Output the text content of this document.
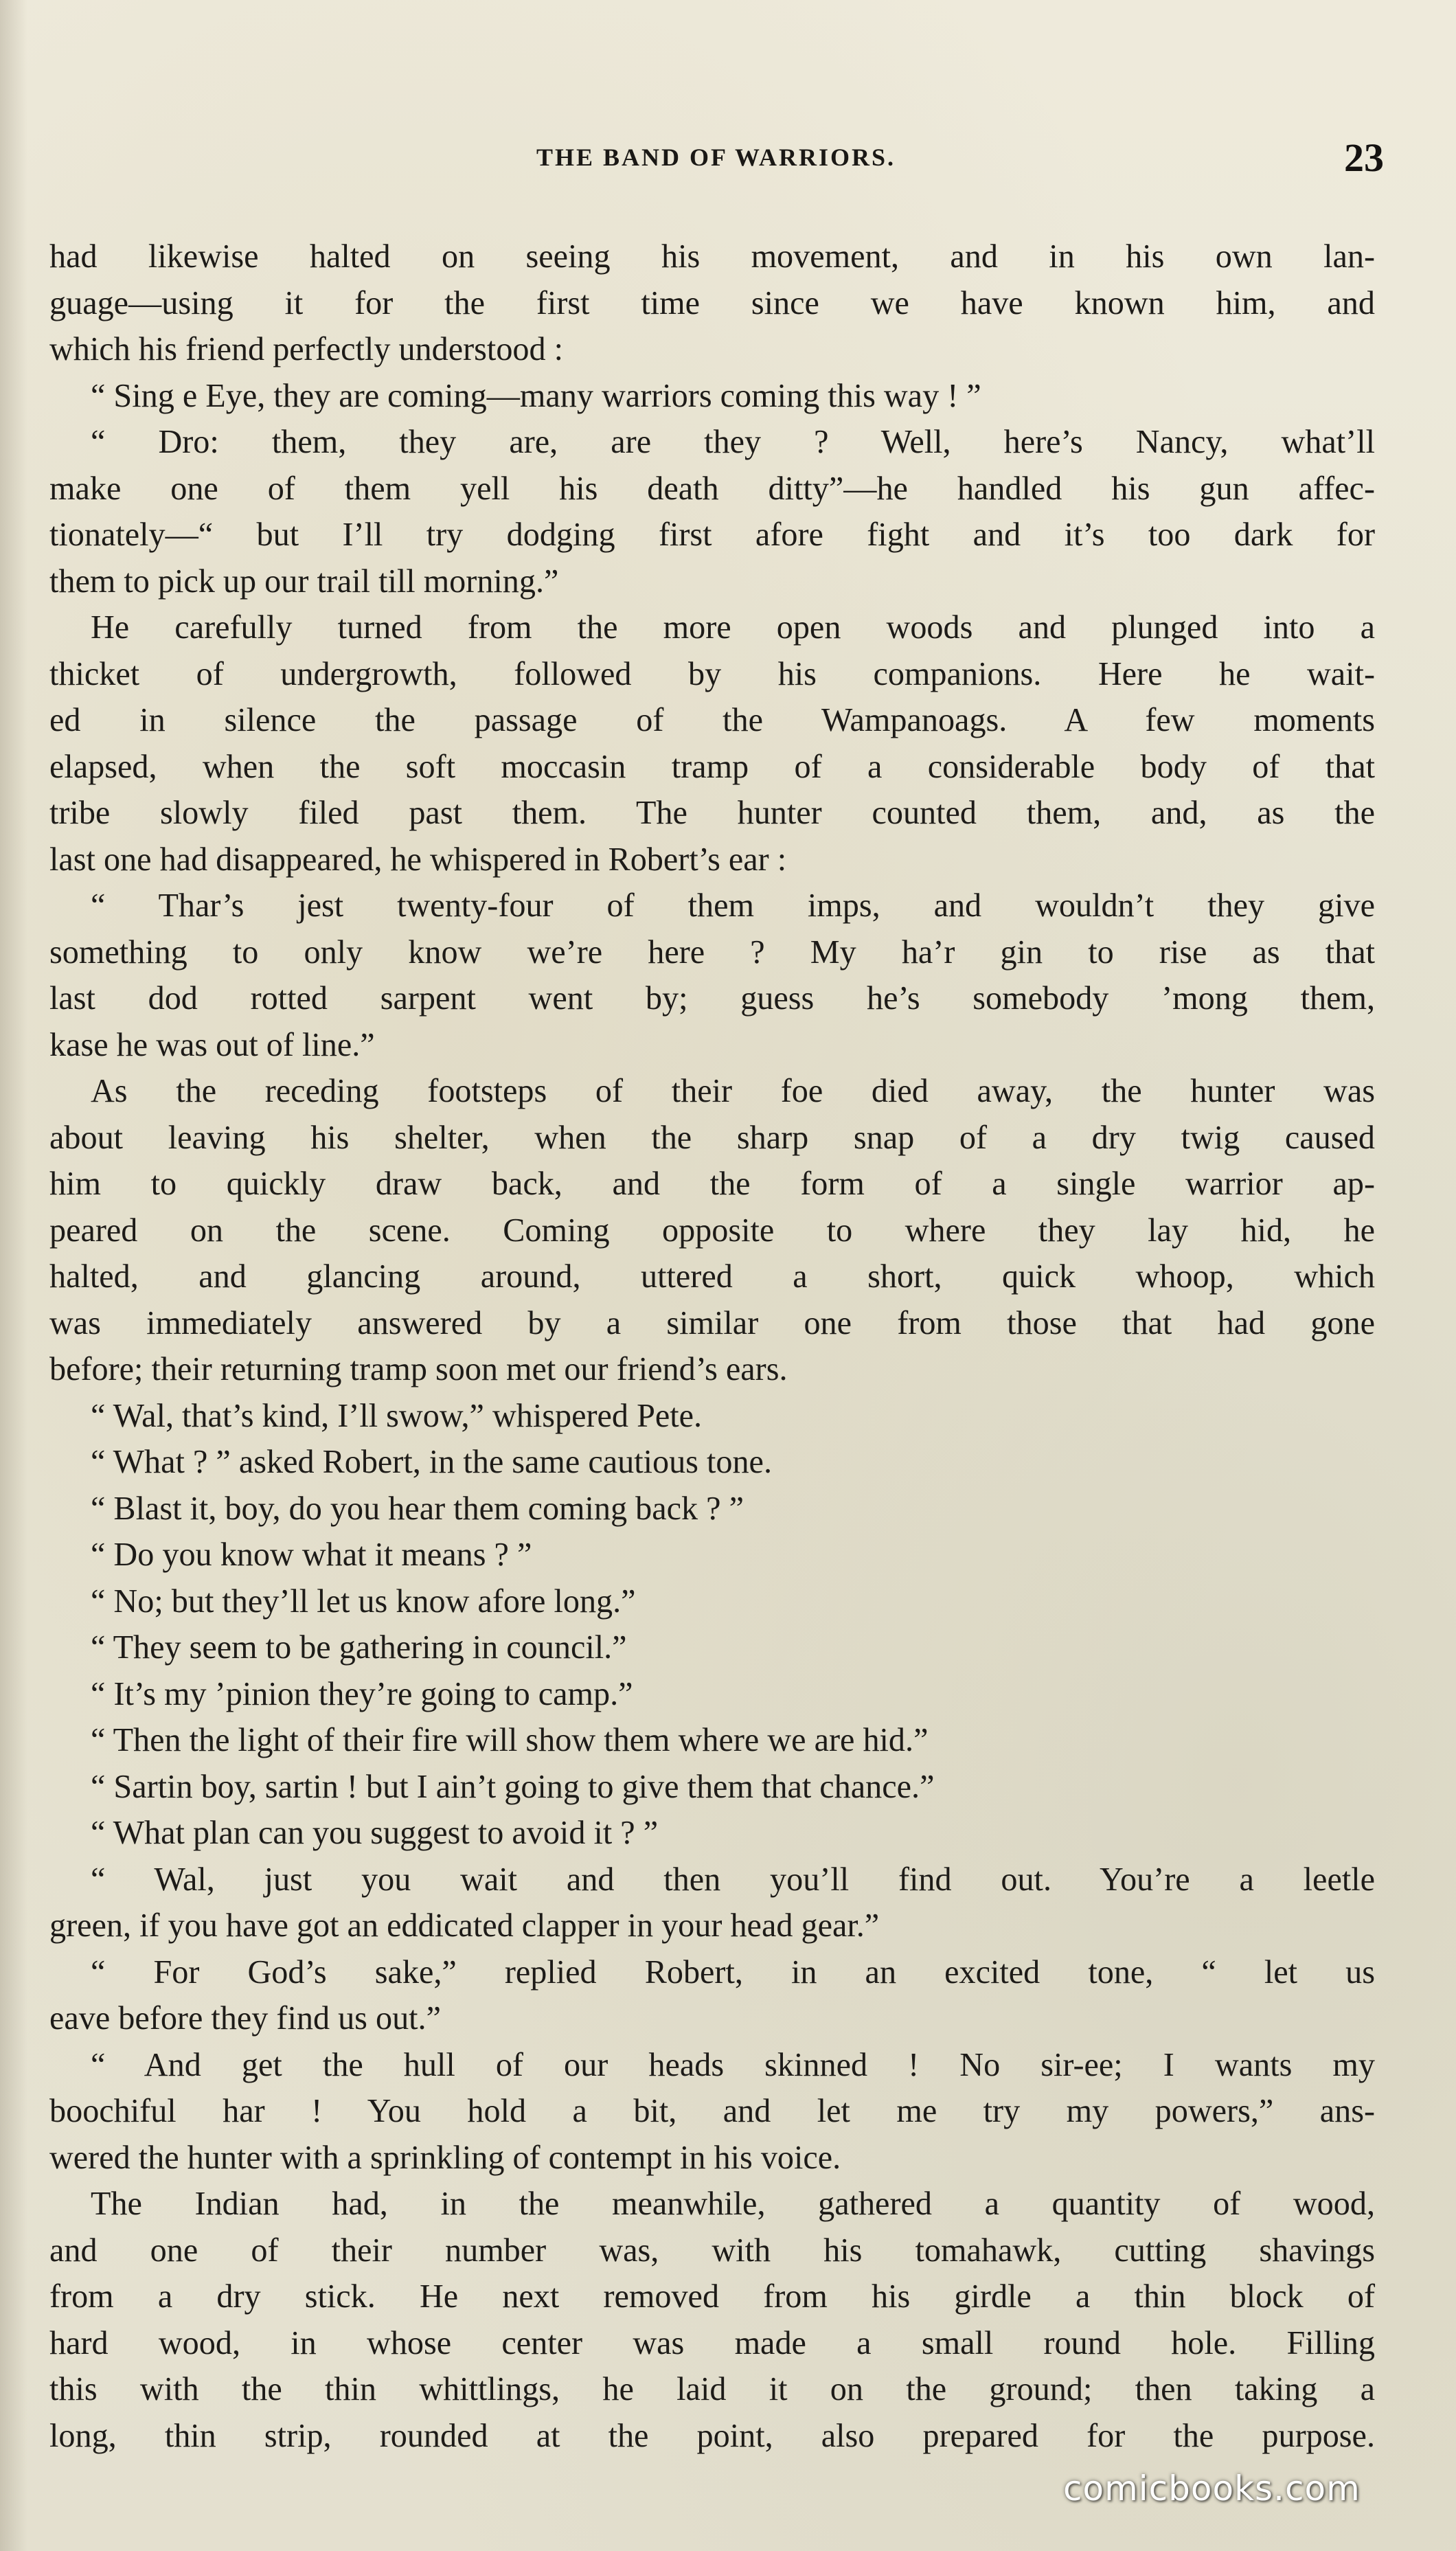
THE BAND OF WARRIORS.	23
had likewise halted on seeing his movement, and in his own lan-
guage—using it for the first time since we have known him, and
which his friend perfectly understood :
“ Sing e Eye, they are coming—many warriors coming this way ! ”
“ Dro: them, they are, are they ? Well, here’s Nancy, what’ll
make one of them yell his death ditty”—he handled his gun affec-
tionately—“ but I’ll try dodging first afore fight and it’s too dark for
them to pick up our trail till morning.”
He carefully turned from the more open woods and plunged into a
thicket of undergrowth, followed by his companions. Here he wait-
ed in silence the passage of the Wampanoags. A few moments
elapsed, when the soft moccasin tramp of a considerable body of that
tribe slowly filed past them. The hunter counted them, and, as the
last one had disappeared, he whispered in Robert’s ear :
“ Thar’s jest twenty-four of them imps, and wouldn’t they give
something to only know we’re here ? My ha’r gin to rise as that
last dod rotted sarpent went by; guess he’s somebody ’mong them,
kase he was out of line.”
As the receding footsteps of their foe died away, the hunter was
about leaving his shelter, when the sharp snap of a dry twig caused
him to quickly draw back, and the form of a single warrior ap-
peared on the scene. Coming opposite to where they lay hid, he
halted, and glancing around, uttered a short, quick whoop, which
was immediately answered by a similar one from those that had gone
before; their returning tramp soon met our friend’s ears.
“ Wal, that’s kind, I’ll swow,” whispered Pete.
“ What ? ” asked Robert, in the same cautious tone.
“ Blast it, boy, do you hear them coming back ? ”
“ Do you know what it means ? ”
“ No; but they’ll let us know afore long.”
“ They seem to be gathering in council.”
“ It’s my ’pinion they’re going to camp.”
“ Then the light of their fire will show them where we are hid.”
“ Sartin boy, sartin ! but I ain’t going to give them that chance.”
“ What plan can you suggest to avoid it ? ”
“ Wal, just you wait and then you’ll find out. You’re a leetle
green, if you have got an eddicated clapper in your head gear.”
“ For God’s sake,” replied Robert, in an excited tone, “ let us
eave before they find us out.”
“ And get the hull of our heads skinned ! No sir-ee; I wants my
boochiful har ! You hold a bit, and let me try my powers,” ans-
wered the hunter with a sprinkling of contempt in his voice.
The Indian had, in the meanwhile, gathered a quantity of wood,
and one of their number was, with his tomahawk, cutting shavings
from a dry stick. He next removed from his girdle a thin block of
hard wood, in whose center was made a small round hole. Filling
this with the thin whittlings, he laid it on the ground; then taking a
long, thin strip, rounded at the point, also prepared for the purpose.
comicbooks.com
